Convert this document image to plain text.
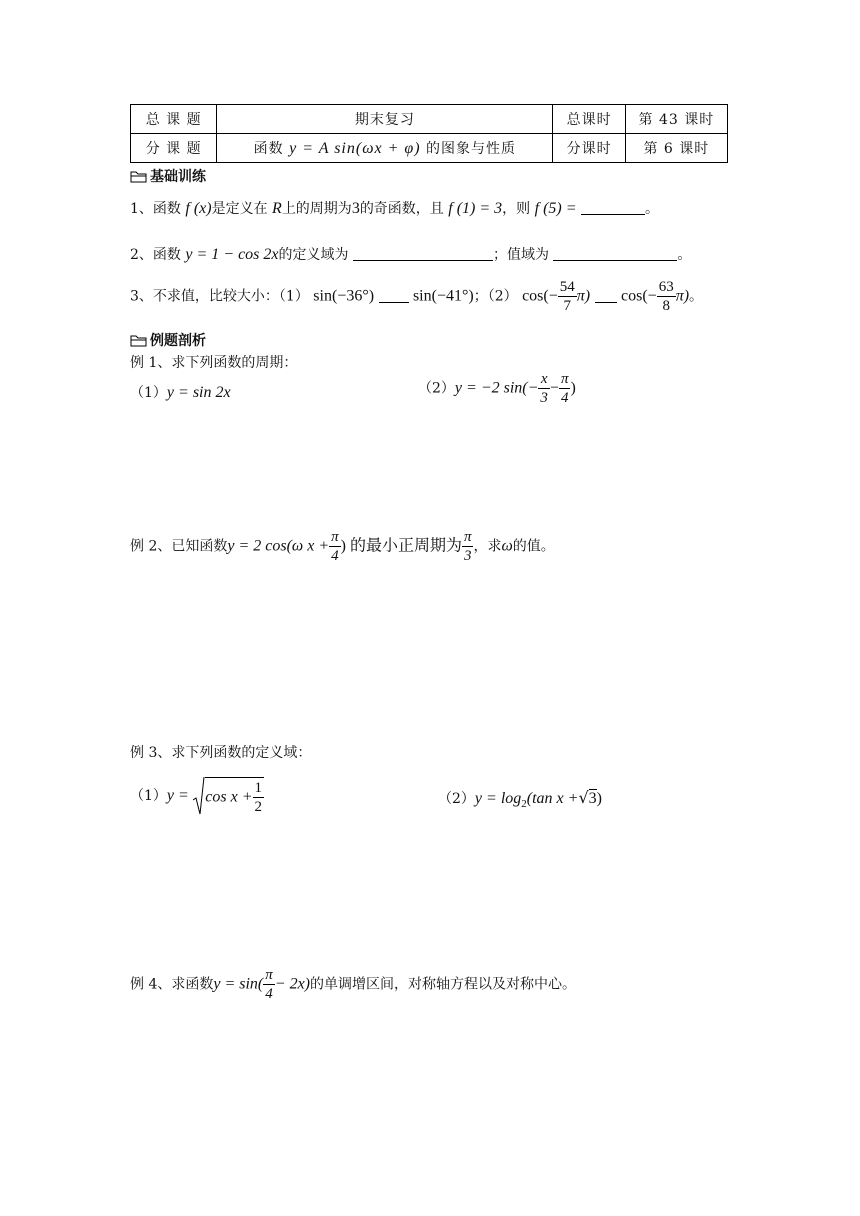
总 课 题	期末复习	总课时	第 43 课时
分 课 题	函数 y = A sin(ωx + φ) 的图象与性质	分课时	第 6 课时
基础训练
1、函数 f (x)是定义在 R上的周期为3的奇函数，且 f (1) = 3，则 f (5) =	。
2、函数 y = 1 − cos 2x的定义域为	；值域为	。
3、不求值，比较大小：（1） sin(−36°) sin(−41°)；（2） $\cos(- \frac{54}{7} \pi)$ $\cos(- \frac{63}{8} \pi)$。
例题剖析
例 1、求下列函数的周期：
（1）y = sin 2x	（2）y = −2 $\sin(- \frac{x}{3} - \frac{\pi}{4}$ )
例 2、已知函数y = 2 cos(ω $x + \frac{\pi}{4}$ ) 的最小正周期为 $\frac{\pi}{3}$ ，求ω的值。
例 3、求下列函数的定义域：
$(1)y = \cos x + \frac{1}{2}$	$(2)y = \log_2(\tan$ x +√3)
例 4、求函数$y = \sin( \frac{\pi}{4} - 2x)$的单调增区间，对称轴方程以及对称中心。
